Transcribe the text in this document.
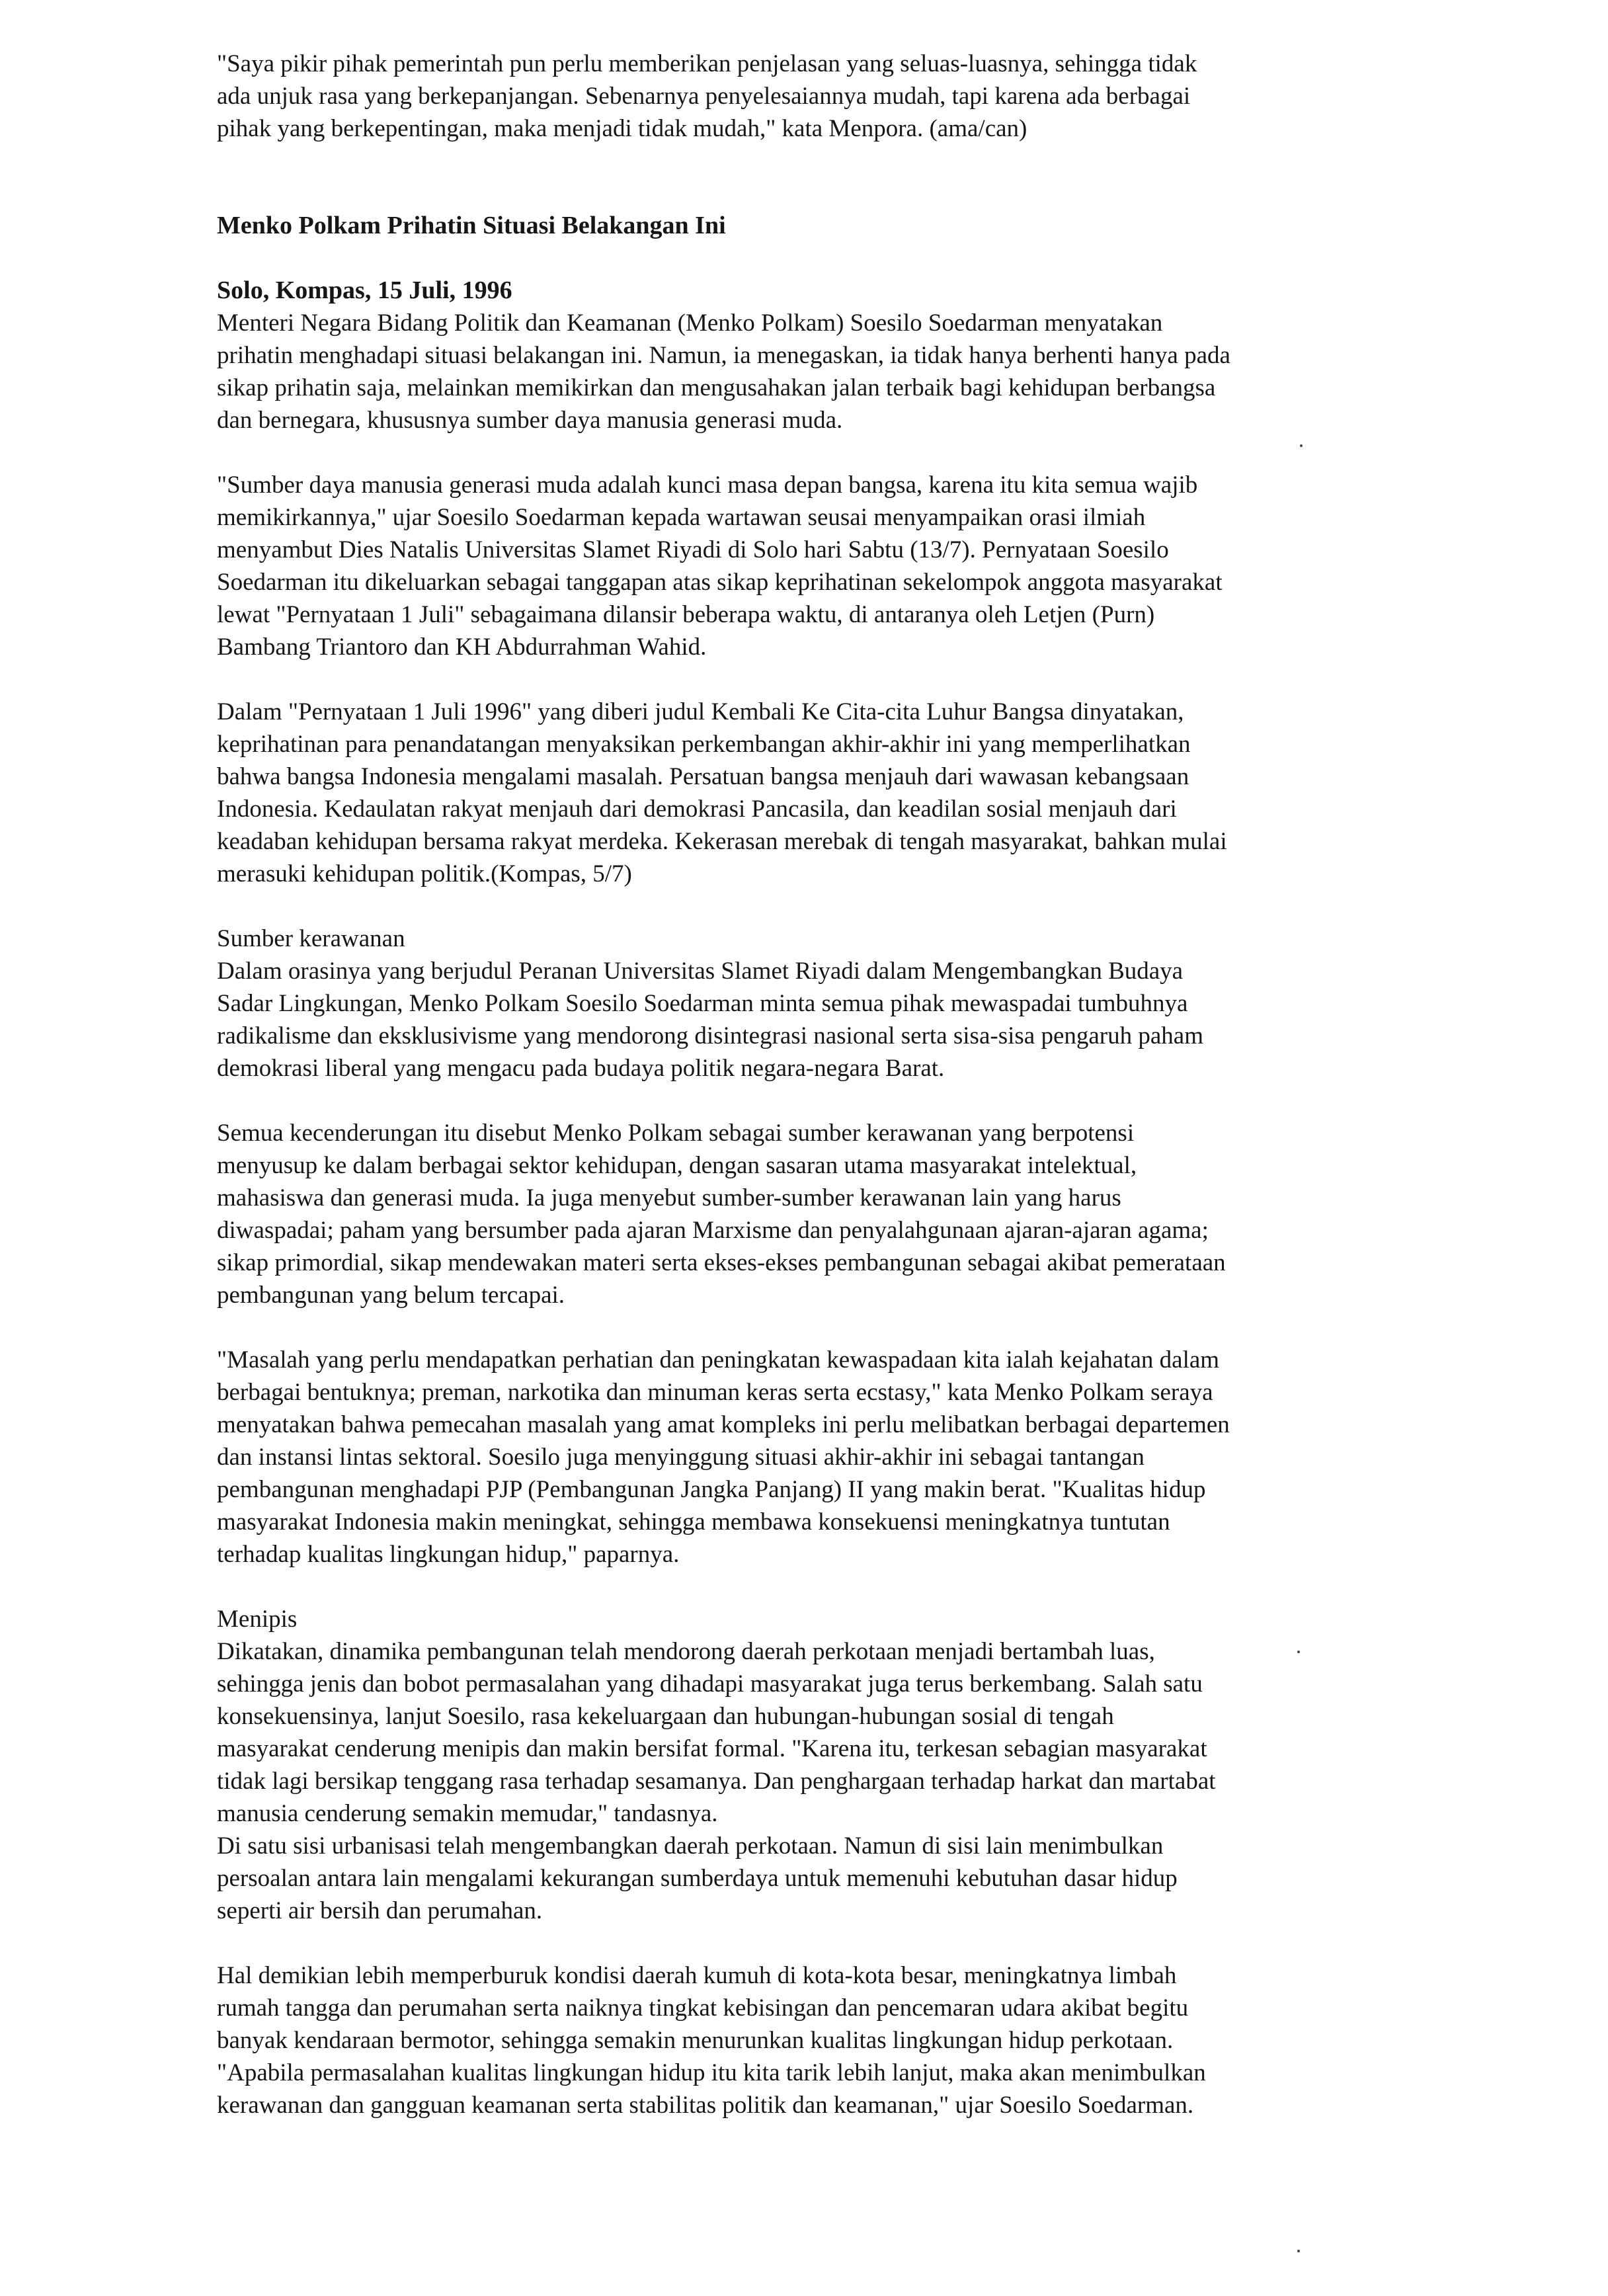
"Saya pikir pihak pemerintah pun perlu memberikan penjelasan yang seluas-luasnya, sehingga tidak

ada unjuk rasa yang berkepanjangan. Sebenarnya penyelesaiannya mudah, tapi karena ada berbagai

pihak yang berkepentingan, maka menjadi tidak mudah," kata Menpora. (ama/can)

Menko Polkam Prihatin Situasi Belakangan Ini

Solo, Kompas, 15 Juli, 1996

Menteri Negara Bidang Politik dan Keamanan (Menko Polkam) Soesilo Soedarman menyatakan

prihatin menghadapi situasi belakangan ini. Namun, ia menegaskan, ia tidak hanya berhenti hanya pada

sikap prihatin saja, melainkan memikirkan dan mengusahakan jalan terbaik bagi kehidupan berbangsa

dan bernegara, khususnya sumber daya manusia generasi muda.

"Sumber daya manusia generasi muda adalah kunci masa depan bangsa, karena itu kita semua wajib

memikirkannya," ujar Soesilo Soedarman kepada wartawan seusai menyampaikan orasi ilmiah

menyambut Dies Natalis Universitas Slamet Riyadi di Solo hari Sabtu (13/7). Pernyataan Soesilo

Soedarman itu dikeluarkan sebagai tanggapan atas sikap keprihatinan sekelompok anggota masyarakat

lewat "Pernyataan 1 Juli" sebagaimana dilansir beberapa waktu, di antaranya oleh Letjen (Purn)

Bambang Triantoro dan KH Abdurrahman Wahid.

Dalam "Pernyataan 1 Juli 1996" yang diberi judul Kembali Ke Cita-cita Luhur Bangsa dinyatakan,

keprihatinan para penandatangan menyaksikan perkembangan akhir-akhir ini yang memperlihatkan

bahwa bangsa Indonesia mengalami masalah. Persatuan bangsa menjauh dari wawasan kebangsaan

Indonesia. Kedaulatan rakyat menjauh dari demokrasi Pancasila, dan keadilan sosial menjauh dari

keadaban kehidupan bersama rakyat merdeka. Kekerasan merebak di tengah masyarakat, bahkan mulai

merasuki kehidupan politik.(Kompas, 5/7)

Sumber kerawanan

Dalam orasinya yang berjudul Peranan Universitas Slamet Riyadi dalam Mengembangkan Budaya

Sadar Lingkungan, Menko Polkam Soesilo Soedarman minta semua pihak mewaspadai tumbuhnya

radikalisme dan eksklusivisme yang mendorong disintegrasi nasional serta sisa-sisa pengaruh paham

demokrasi liberal yang mengacu pada budaya politik negara-negara Barat.

Semua kecenderungan itu disebut Menko Polkam sebagai sumber kerawanan yang berpotensi

menyusup ke dalam berbagai sektor kehidupan, dengan sasaran utama masyarakat intelektual,

mahasiswa dan generasi muda. Ia juga menyebut sumber-sumber kerawanan lain yang harus

diwaspadai; paham yang bersumber pada ajaran Marxisme dan penyalahgunaan ajaran-ajaran agama;

sikap primordial, sikap mendewakan materi serta ekses-ekses pembangunan sebagai akibat pemerataan

pembangunan yang belum tercapai.

"Masalah yang perlu mendapatkan perhatian dan peningkatan kewaspadaan kita ialah kejahatan dalam

berbagai bentuknya; preman, narkotika dan minuman keras serta ecstasy," kata Menko Polkam seraya

menyatakan bahwa pemecahan masalah yang amat kompleks ini perlu melibatkan berbagai departemen

dan instansi lintas sektoral. Soesilo juga menyinggung situasi akhir-akhir ini sebagai tantangan

pembangunan menghadapi PJP (Pembangunan Jangka Panjang) II yang makin berat. "Kualitas hidup

masyarakat Indonesia makin meningkat, sehingga membawa konsekuensi meningkatnya tuntutan

terhadap kualitas lingkungan hidup," paparnya.

Menipis

Dikatakan, dinamika pembangunan telah mendorong daerah perkotaan menjadi bertambah luas,

sehingga jenis dan bobot permasalahan yang dihadapi masyarakat juga terus berkembang. Salah satu

konsekuensinya, lanjut Soesilo, rasa kekeluargaan dan hubungan-hubungan sosial di tengah

masyarakat cenderung menipis dan makin bersifat formal. "Karena itu, terkesan sebagian masyarakat

tidak lagi bersikap tenggang rasa terhadap sesamanya. Dan penghargaan terhadap harkat dan martabat

manusia cenderung semakin memudar," tandasnya.

Di satu sisi urbanisasi telah mengembangkan daerah perkotaan. Namun di sisi lain menimbulkan

persoalan antara lain mengalami kekurangan sumberdaya untuk memenuhi kebutuhan dasar hidup

seperti air bersih dan perumahan.

Hal demikian lebih memperburuk kondisi daerah kumuh di kota-kota besar, meningkatnya limbah

rumah tangga dan perumahan serta naiknya tingkat kebisingan dan pencemaran udara akibat begitu

banyak kendaraan bermotor, sehingga semakin menurunkan kualitas lingkungan hidup perkotaan.

"Apabila permasalahan kualitas lingkungan hidup itu kita tarik lebih lanjut, maka akan menimbulkan

kerawanan dan gangguan keamanan serta stabilitas politik dan keamanan," ujar Soesilo Soedarman.
